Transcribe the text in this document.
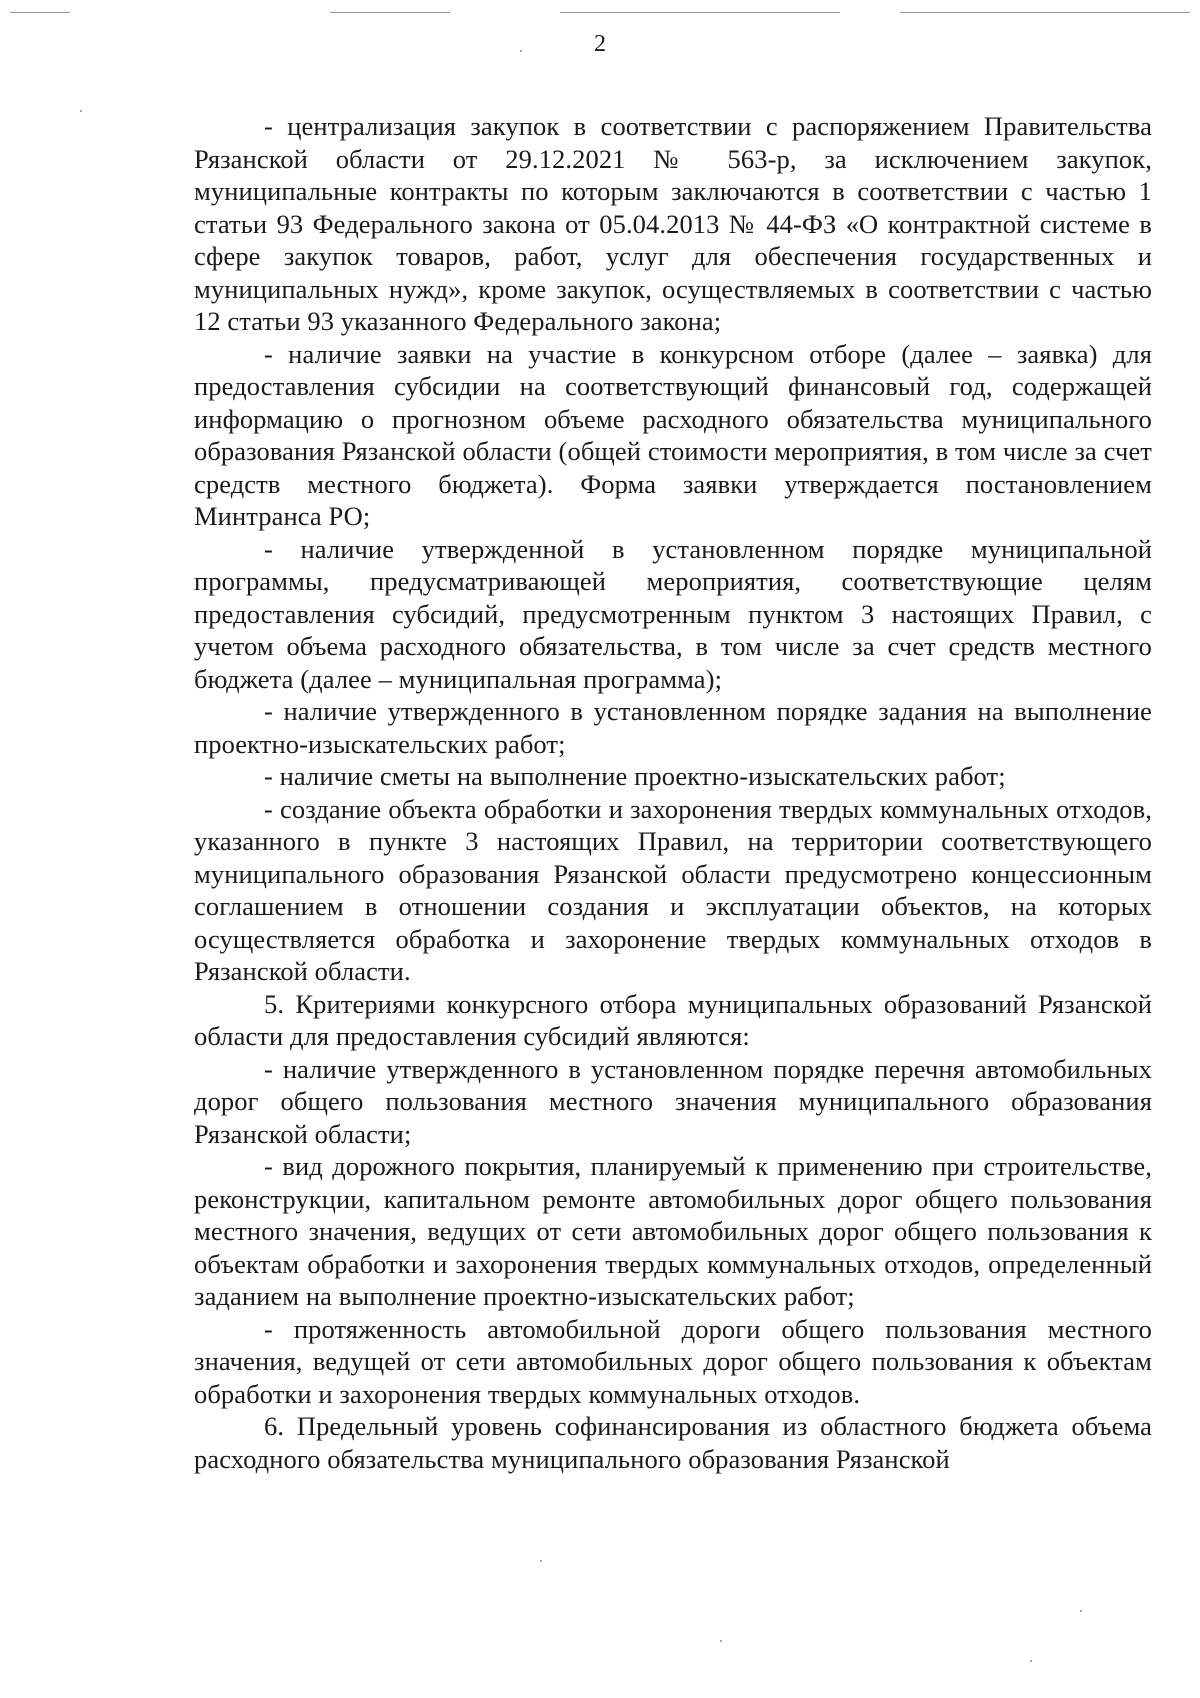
2

- централизация закупок в соответствии с распоряжением Правительства Рязанской области от 29.12.2021 № 563-р, за исключением закупок, муниципальные контракты по которым заключаются в соответствии с частью 1 статьи 93 Федерального закона от 05.04.2013 № 44-ФЗ «О контрактной системе в сфере закупок товаров, работ, услуг для обеспечения государственных и муниципальных нужд», кроме закупок, осуществляемых в соответствии с частью 12 статьи 93 указанного Федерального закона;

- наличие заявки на участие в конкурсном отборе (далее – заявка) для предоставления субсидии на соответствующий финансовый год, содержащей информацию о прогнозном объеме расходного обязательства муниципального образования Рязанской области (общей стоимости мероприятия, в том числе за счет средств местного бюджета). Форма заявки утверждается постановлением Минтранса РО;

- наличие утвержденной в установленном порядке муниципальной программы, предусматривающей мероприятия, соответствующие целям предоставления субсидий, предусмотренным пунктом 3 настоящих Правил, с учетом объема расходного обязательства, в том числе за счет средств местного бюджета (далее – муниципальная программа);

- наличие утвержденного в установленном порядке задания на выполнение проектно-изыскательских работ;

- наличие сметы на выполнение проектно-изыскательских работ;

- создание объекта обработки и захоронения твердых коммунальных отходов, указанного в пункте 3 настоящих Правил, на территории соответствующего муниципального образования Рязанской области предусмотрено концессионным соглашением в отношении создания и эксплуатации объектов, на которых осуществляется обработка и захоронение твердых коммунальных отходов в Рязанской области.

5. Критериями конкурсного отбора муниципальных образований Рязанской области для предоставления субсидий являются:

- наличие утвержденного в установленном порядке перечня автомобильных дорог общего пользования местного значения муниципального образования Рязанской области;

- вид дорожного покрытия, планируемый к применению при строительстве, реконструкции, капитальном ремонте автомобильных дорог общего пользования местного значения, ведущих от сети автомобильных дорог общего пользования к объектам обработки и захоронения твердых коммунальных отходов, определенный заданием на выполнение проектно-изыскательских работ;

- протяженность автомобильной дороги общего пользования местного значения, ведущей от сети автомобильных дорог общего пользования к объектам обработки и захоронения твердых коммунальных отходов.

6. Предельный уровень софинансирования из областного бюджета объема расходного обязательства муниципального образования Рязанской
